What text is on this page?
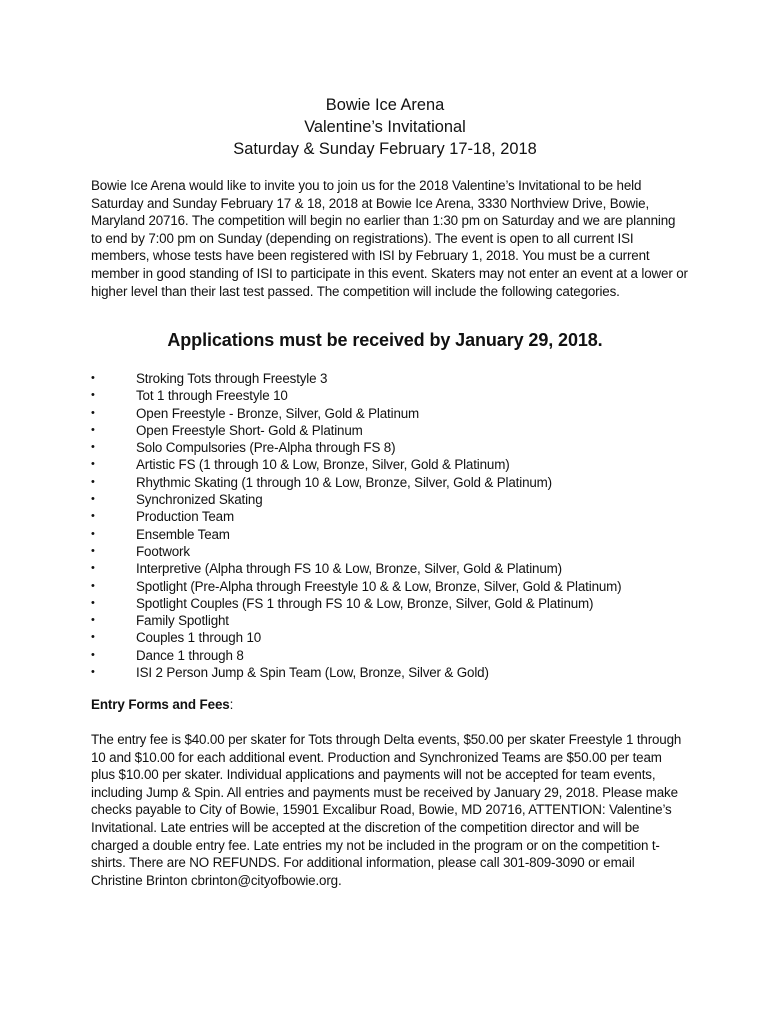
Bowie Ice Arena
Valentine’s Invitational
Saturday & Sunday February 17-18, 2018

Bowie Ice Arena would like to invite you to join us for the 2018 Valentine’s Invitational to be held Saturday and Sunday February 17 & 18, 2018 at Bowie Ice Arena, 3330 Northview Drive, Bowie, Maryland 20716. The competition will begin no earlier than 1:30 pm on Saturday and we are planning to end by 7:00 pm on Sunday (depending on registrations). The event is open to all current ISI members, whose tests have been registered with ISI by February 1, 2018. You must be a current member in good standing of ISI to participate in this event. Skaters may not enter an event at a lower or higher level than their last test passed. The competition will include the following categories.

Applications must be received by January 29, 2018.
•	Stroking Tots through Freestyle 3
•	Tot 1 through Freestyle 10
•	Open Freestyle - Bronze, Silver, Gold & Platinum
•	Open Freestyle Short- Gold & Platinum
•	Solo Compulsories (Pre-Alpha through FS 8)
•	Artistic FS (1 through 10 & Low, Bronze, Silver, Gold & Platinum)
•	Rhythmic Skating (1 through 10 & Low, Bronze, Silver, Gold & Platinum)
•	Synchronized Skating
•	Production Team
•	Ensemble Team
•	Footwork
•	Interpretive (Alpha through FS 10 & Low, Bronze, Silver, Gold & Platinum)
•	Spotlight (Pre-Alpha through Freestyle 10 & & Low, Bronze, Silver, Gold & Platinum)
•	Spotlight Couples (FS 1 through FS 10 & Low, Bronze, Silver, Gold & Platinum)
•	Family Spotlight
•	Couples 1 through 10
•	Dance 1 through 8
•	ISI 2 Person Jump & Spin Team (Low, Bronze, Silver & Gold)
Entry Forms and Fees:

The entry fee is $40.00 per skater for Tots through Delta events, $50.00 per skater Freestyle 1 through 10 and $10.00 for each additional event. Production and Synchronized Teams are $50.00 per team plus $10.00 per skater. Individual applications and payments will not be accepted for team events, including Jump & Spin. All entries and payments must be received by January 29, 2018. Please make checks payable to City of Bowie, 15901 Excalibur Road, Bowie, MD 20716, ATTENTION: Valentine’s Invitational. Late entries will be accepted at the discretion of the competition director and will be charged a double entry fee. Late entries my not be included in the program or on the competition t-shirts. There are NO REFUNDS. For additional information, please call 301-809-3090 or email Christine Brinton cbrinton@cityofbowie.org.
